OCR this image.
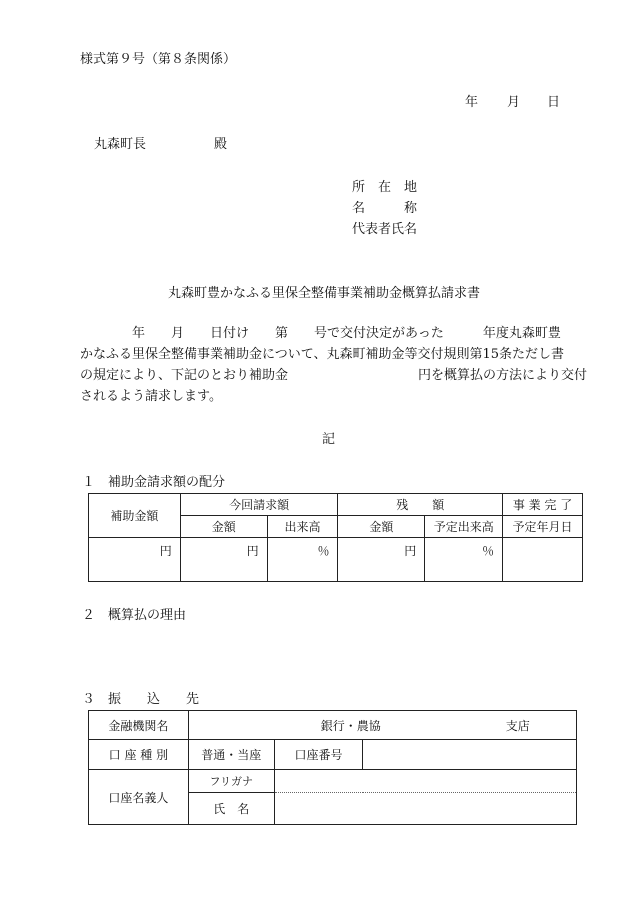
様式第９号（第８条関係）
年 月 日
丸森町長	殿
所　在　地
名　　　称
代表者氏名
丸森町豊かなふる里保全整備事業補助金概算払請求書
　　　　年　　月　　日付け　　第　　号で交付決定があった　　　年度丸森町豊
かなふる里保全整備事業補助金について、丸森町補助金等交付規則第15条ただし書
の規定により、下記のとおり補助金　　　　　　　　　　円を概算払の方法により交付
されるよう請求します。
記
１　補助金請求額の配分
補助金額	今回請求額		残　　額		事 業 完 了
	金額	出来高	金額	予定出来高	予定年月日
円	円	％	円	％	
２　概算払の理由
３　振　　込　　先
金融機関名	銀行・農協 支店		

口 座 種 別	普通・当座	口座番号	
口座名義人	フリガナ		
	氏　名		
